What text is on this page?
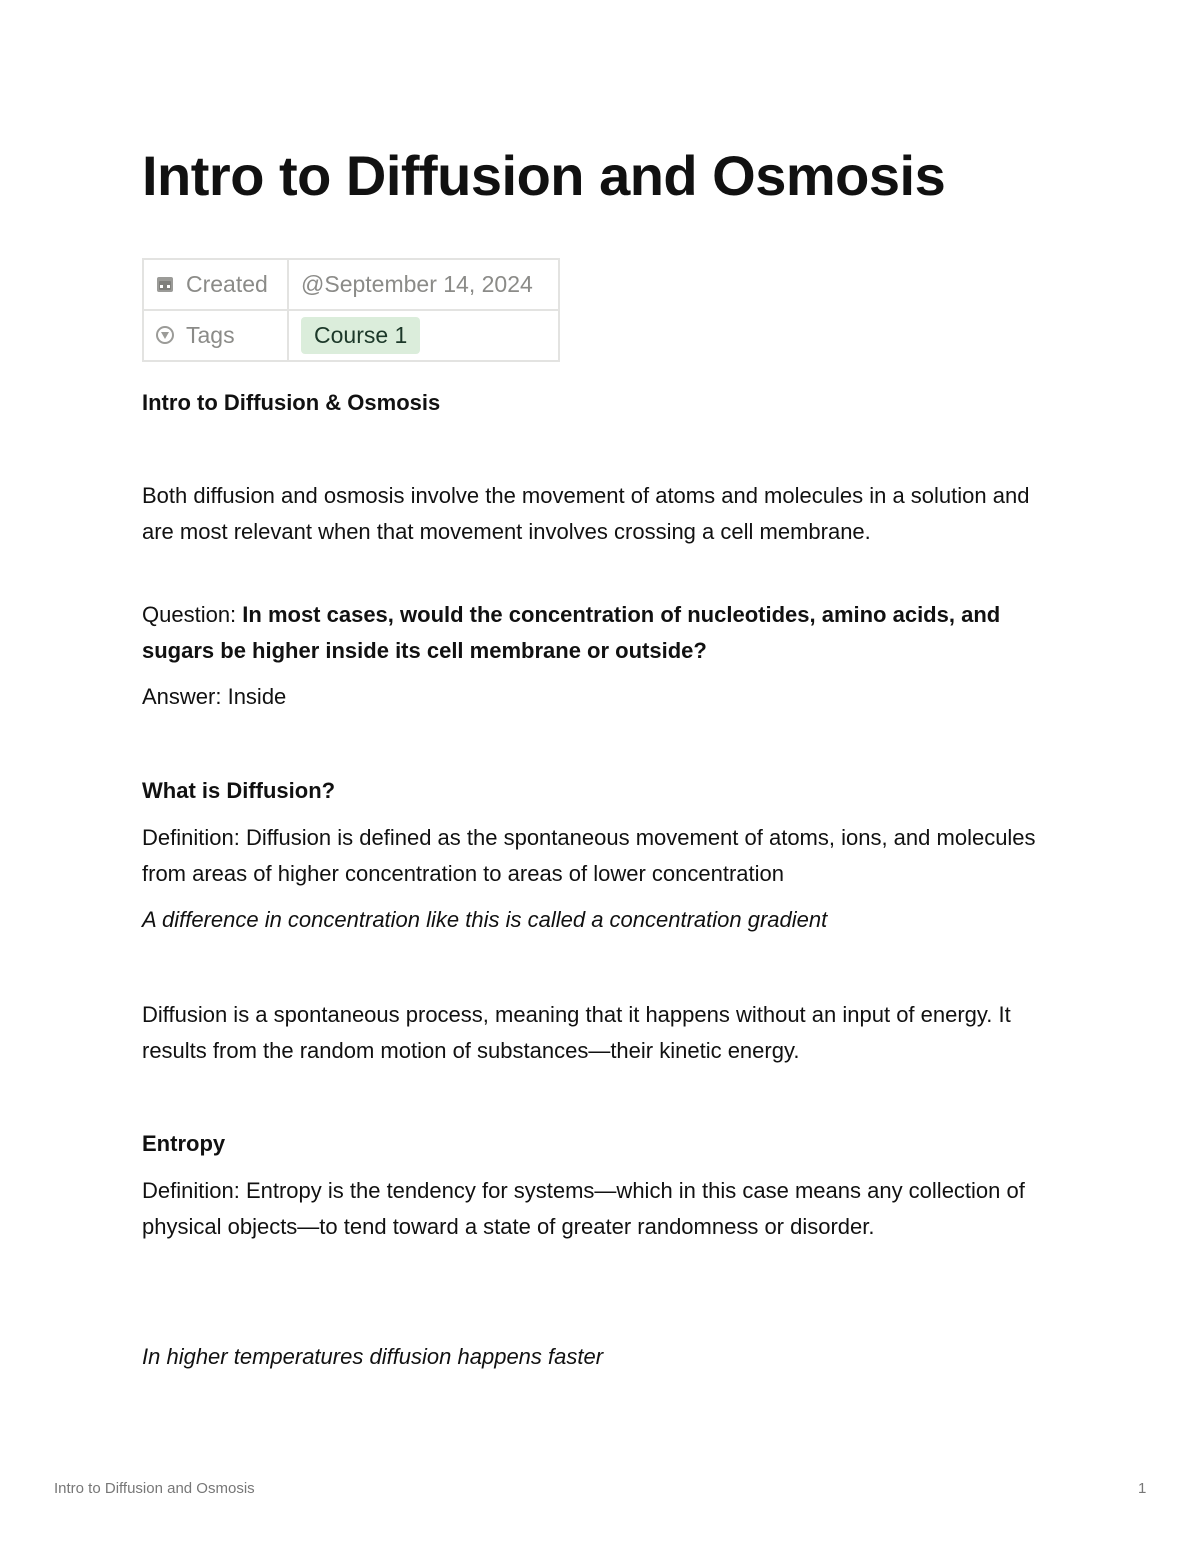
Intro to Diffusion and Osmosis
Created	@September 14, 2024
Tags	Course 1

Intro to Diffusion & Osmosis

Both diffusion and osmosis involve the movement of atoms and molecules in a solution and are most relevant when that movement involves crossing a cell membrane.

Question: In most cases, would the concentration of nucleotides, amino acids, and sugars be higher inside its cell membrane or outside?

Answer: Inside

What is Diffusion?

Definition: Diffusion is defined as the spontaneous movement of atoms, ions, and molecules from areas of higher concentration to areas of lower concentration

A difference in concentration like this is called a concentration gradient

Diffusion is a spontaneous process, meaning that it happens without an input of energy. It results from the random motion of substances—their kinetic energy.

Entropy

Definition: Entropy is the tendency for systems—which in this case means any collection of physical objects—to tend toward a state of greater randomness or disorder.

In higher temperatures diffusion happens faster

Intro to Diffusion and Osmosis	1
